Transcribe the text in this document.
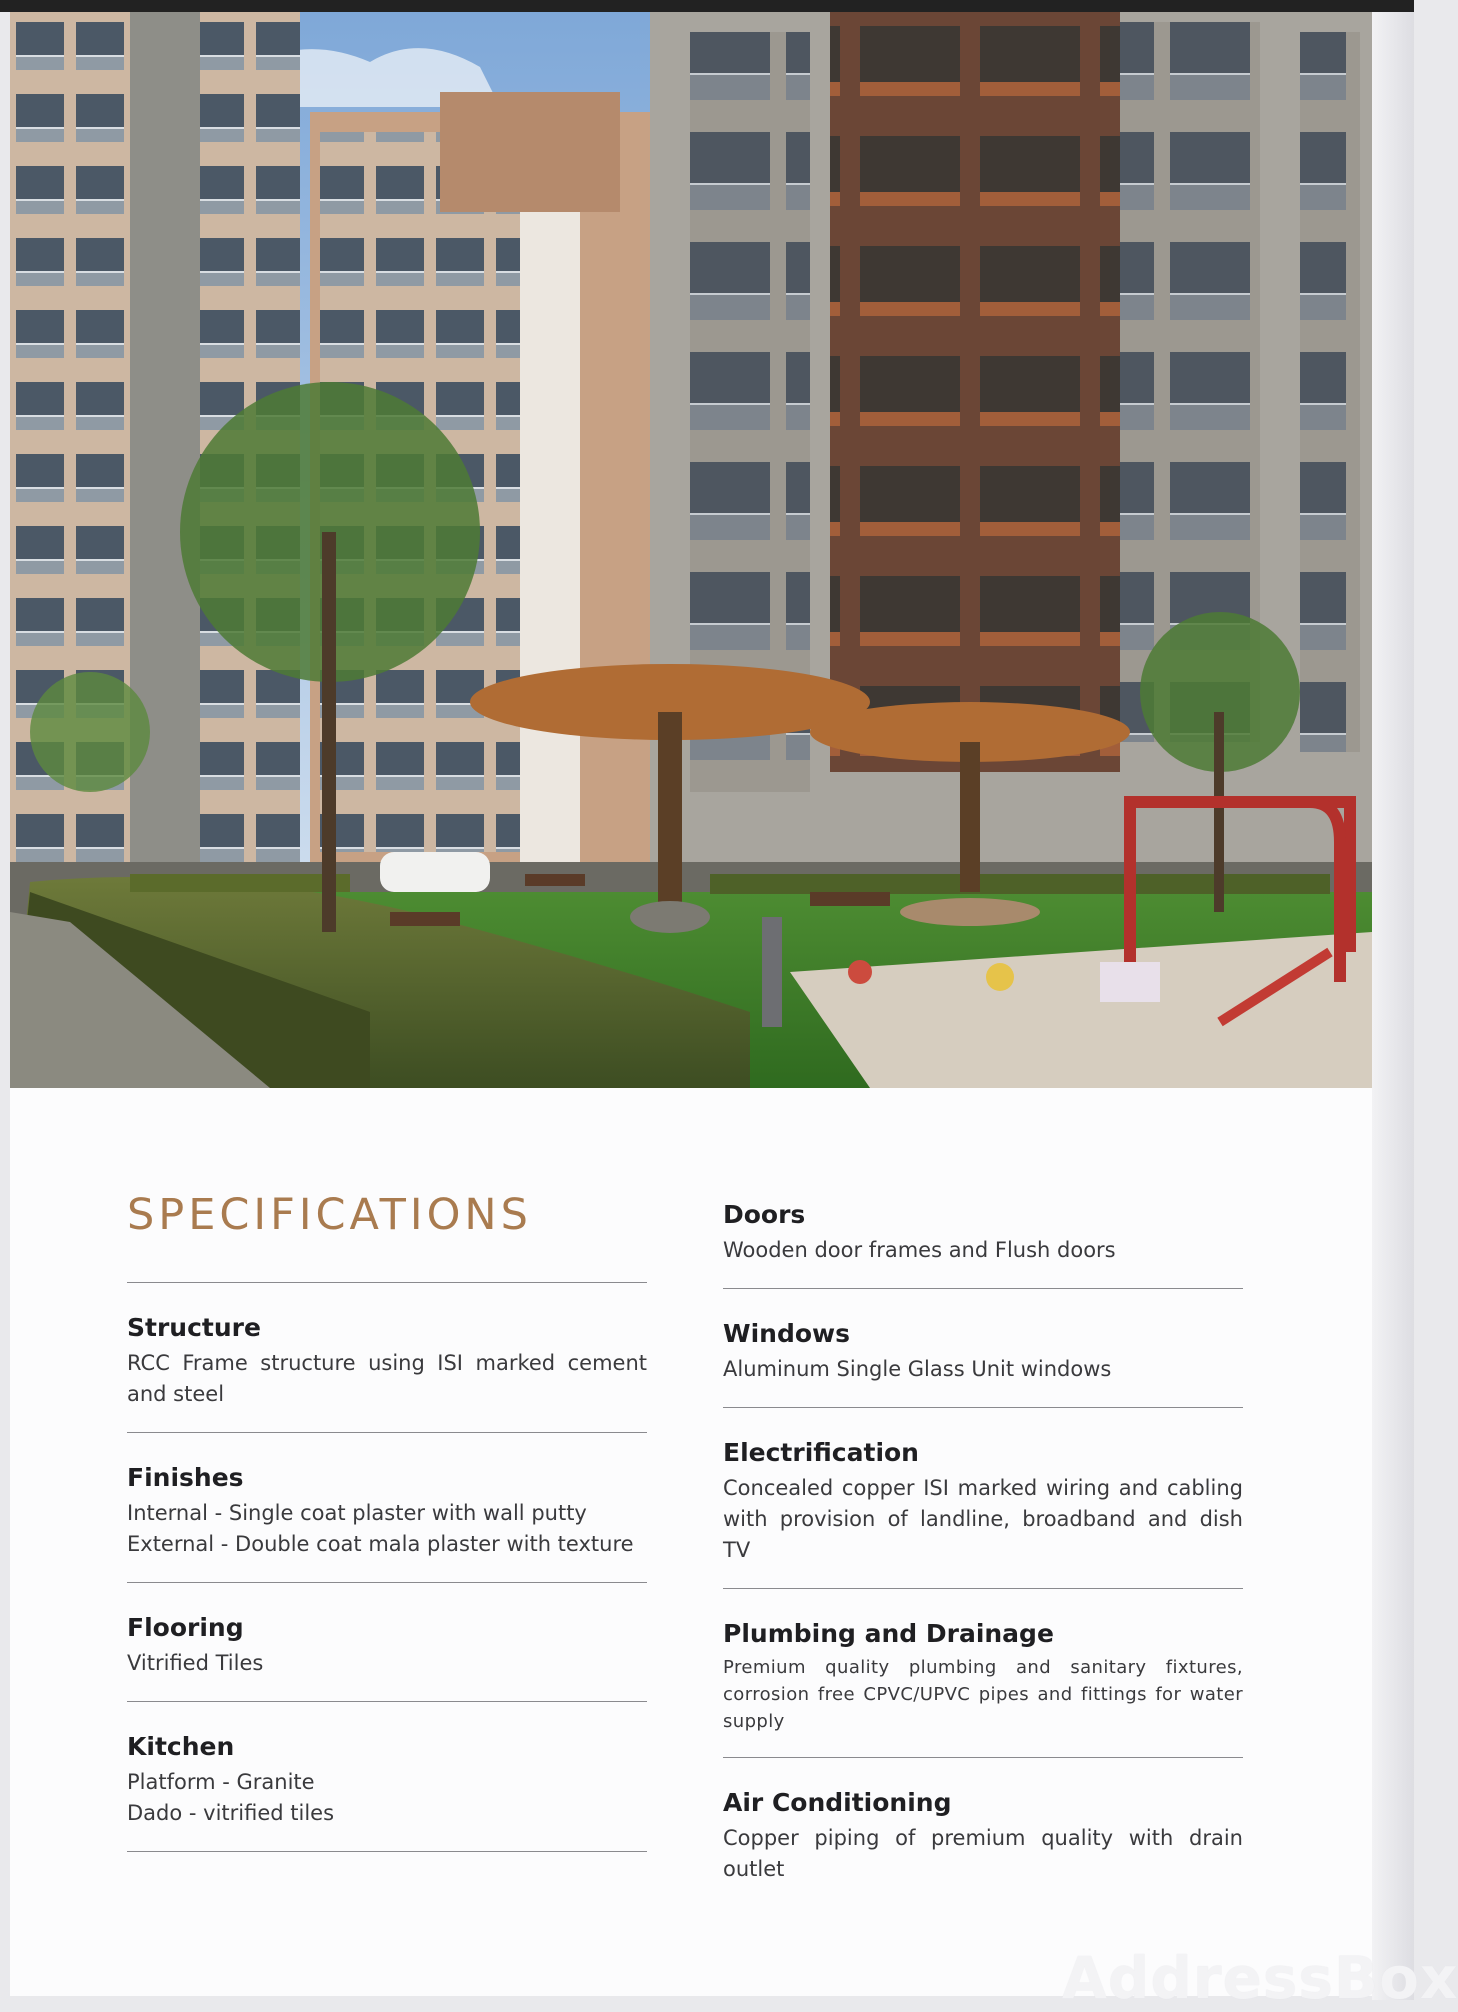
SPECIFICATIONS
Structure

RCC Frame structure using ISI marked cement and steel

Finishes

Internal - Single coat plaster with wall putty

External - Double coat mala plaster with texture

Flooring

Vitrified Tiles

Kitchen

Platform - Granite

Dado - vitrified tiles

Doors

Wooden door frames and Flush doors

Windows

Aluminum Single Glass Unit windows

Electrification

Concealed copper ISI marked wiring and cabling with provision of landline, broadband and dish TV

Plumbing and Drainage

Premium quality plumbing and sanitary fixtures, corrosion free CPVC/UPVC pipes and fittings for water supply

Air Conditioning

Copper piping of premium quality with drain outlet

AddressBox
